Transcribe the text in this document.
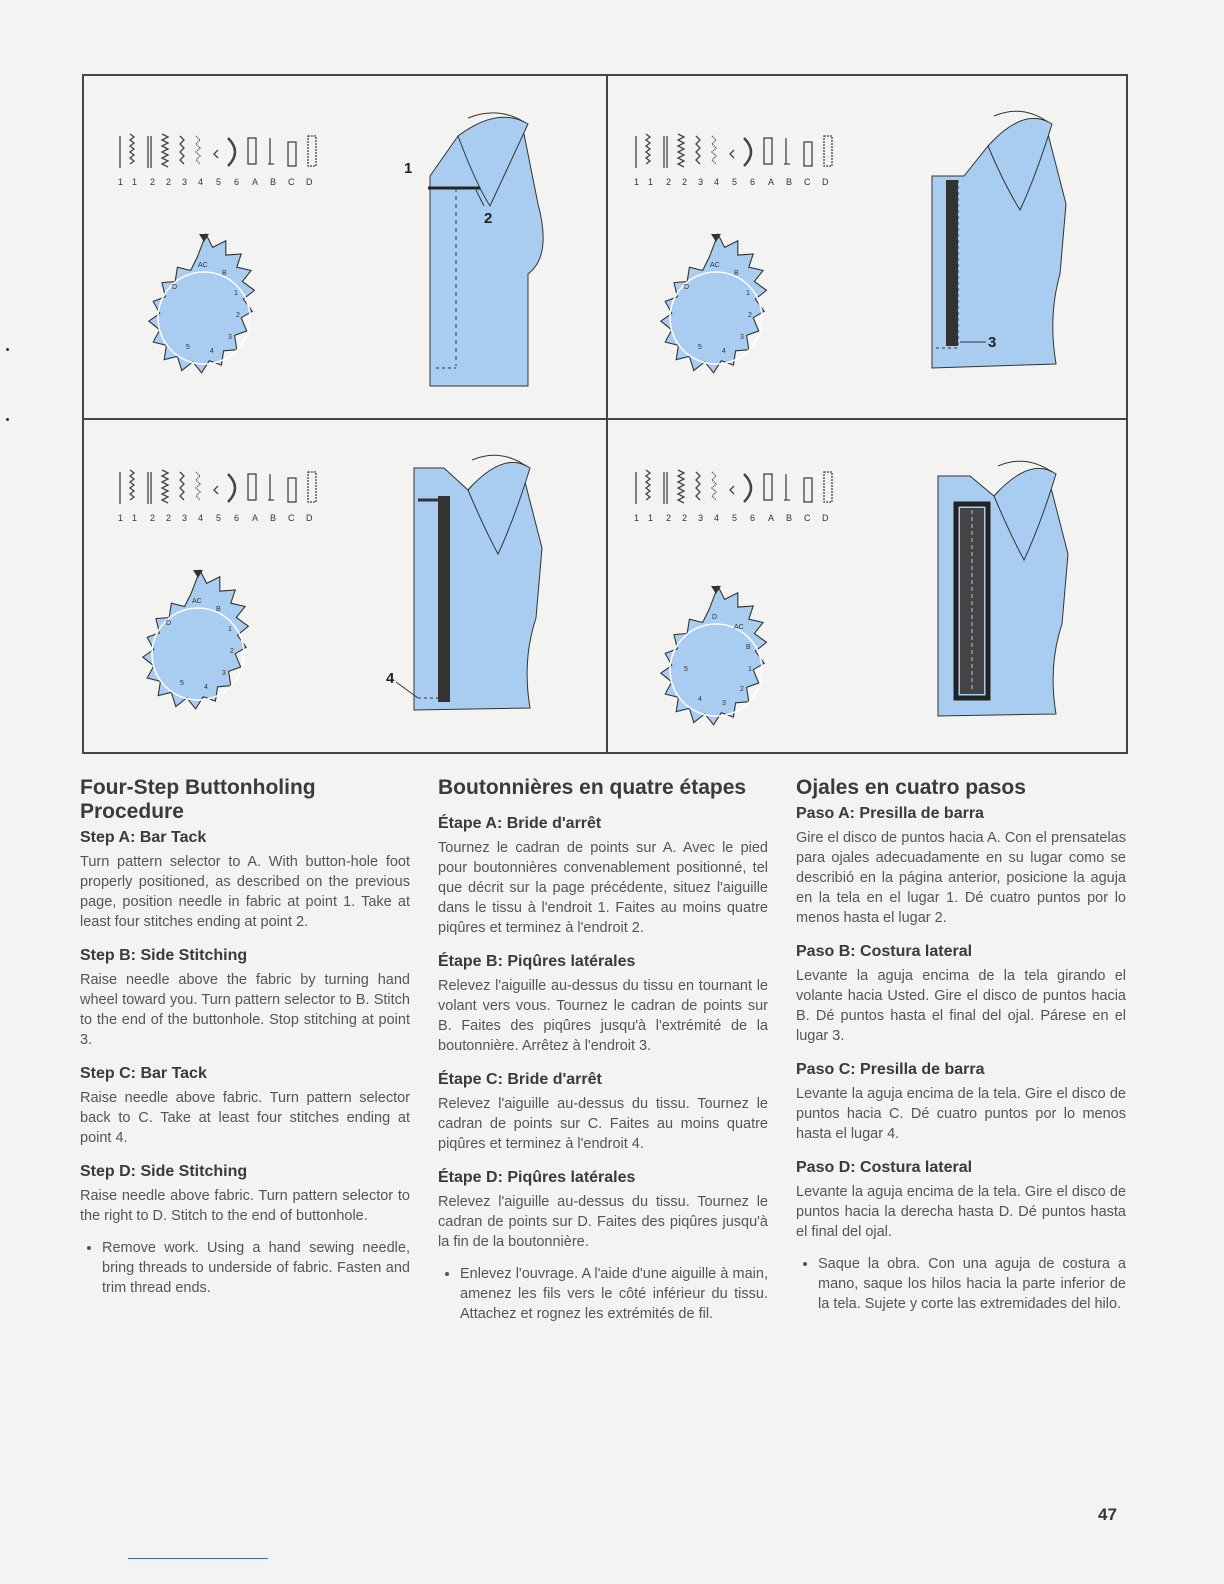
1 1 2 2 3 4 5 6 A B C D
AC
B
1
2
3
4
5
D
1
2
1 1 2 2 3 4 5 6 A B C D
AC
B
1
2
3
4
5
D
3
1 1 2 2 3 4 5 6 A B C D
AC
B
1
2
3
4
5
D
4
1 1 2 2 3 4 5 6 A B C D
D
AC
B
1
2
3
4
5
Four-Step Buttonholing Procedure
Step A: Bar Tack

Turn pattern selector to A. With button-hole foot properly positioned, as described on the previous page, position needle in fabric at point 1. Take at least four stitches ending at point 2.

Step B: Side Stitching

Raise needle above the fabric by turning hand wheel toward you. Turn pattern selector to B. Stitch to the end of the buttonhole. Stop stitching at point 3.

Step C: Bar Tack

Raise needle above fabric. Turn pattern selector back to C. Take at least four stitches ending at point 4.

Step D: Side Stitching

Raise needle above fabric. Turn pattern selector to the right to D. Stitch to the end of buttonhole.

• Remove work. Using a hand sewing needle, bring threads to underside of fabric. Fasten and trim thread ends.
Boutonnières en quatre étapes
Étape A: Bride d'arrêt

Tournez le cadran de points sur A. Avec le pied pour boutonnières convenablement positionné, tel que décrit sur la page précédente, situez l'aiguille dans le tissu à l'endroit 1. Faites au moins quatre piqûres et terminez à l'endroit 2.

Étape B: Piqûres latérales

Relevez l'aiguille au-dessus du tissu en tournant le volant vers vous. Tournez le cadran de points sur B. Faites des piqûres jusqu'à l'extrémité de la boutonnière. Arrêtez à l'endroit 3.

Étape C: Bride d'arrêt

Relevez l'aiguille au-dessus du tissu. Tournez le cadran de points sur C. Faites au moins quatre piqûres et terminez à l'endroit 4.

Étape D: Piqûres latérales

Relevez l'aiguille au-dessus du tissu. Tournez le cadran de points sur D. Faites des piqûres jusqu'à la fin de la boutonnière.

• Enlevez l'ouvrage. A l'aide d'une aiguille à main, amenez les fils vers le côté inférieur du tissu. Attachez et rognez les extrémités de fil.
Ojales en cuatro pasos
Paso A: Presilla de barra

Gire el disco de puntos hacia A. Con el prensatelas para ojales adecuadamente en su lugar como se describió en la página anterior, posicione la aguja en la tela en el lugar 1. Dé cuatro puntos por lo menos hasta el lugar 2.

Paso B: Costura lateral

Levante la aguja encima de la tela girando el volante hacia Usted. Gire el disco de puntos hacia B. Dé puntos hasta el final del ojal. Párese en el lugar 3.

Paso C: Presilla de barra

Levante la aguja encima de la tela. Gire el disco de puntos hacia C. Dé cuatro puntos por lo menos hasta el lugar 4.

Paso D: Costura lateral

Levante la aguja encima de la tela. Gire el disco de puntos hacia la derecha hasta D. Dé puntos hasta el final del ojal.

• Saque la obra. Con una aguja de costura a mano, saque los hilos hacia la parte inferior de la tela. Sujete y corte las extremidades del hilo.
47
